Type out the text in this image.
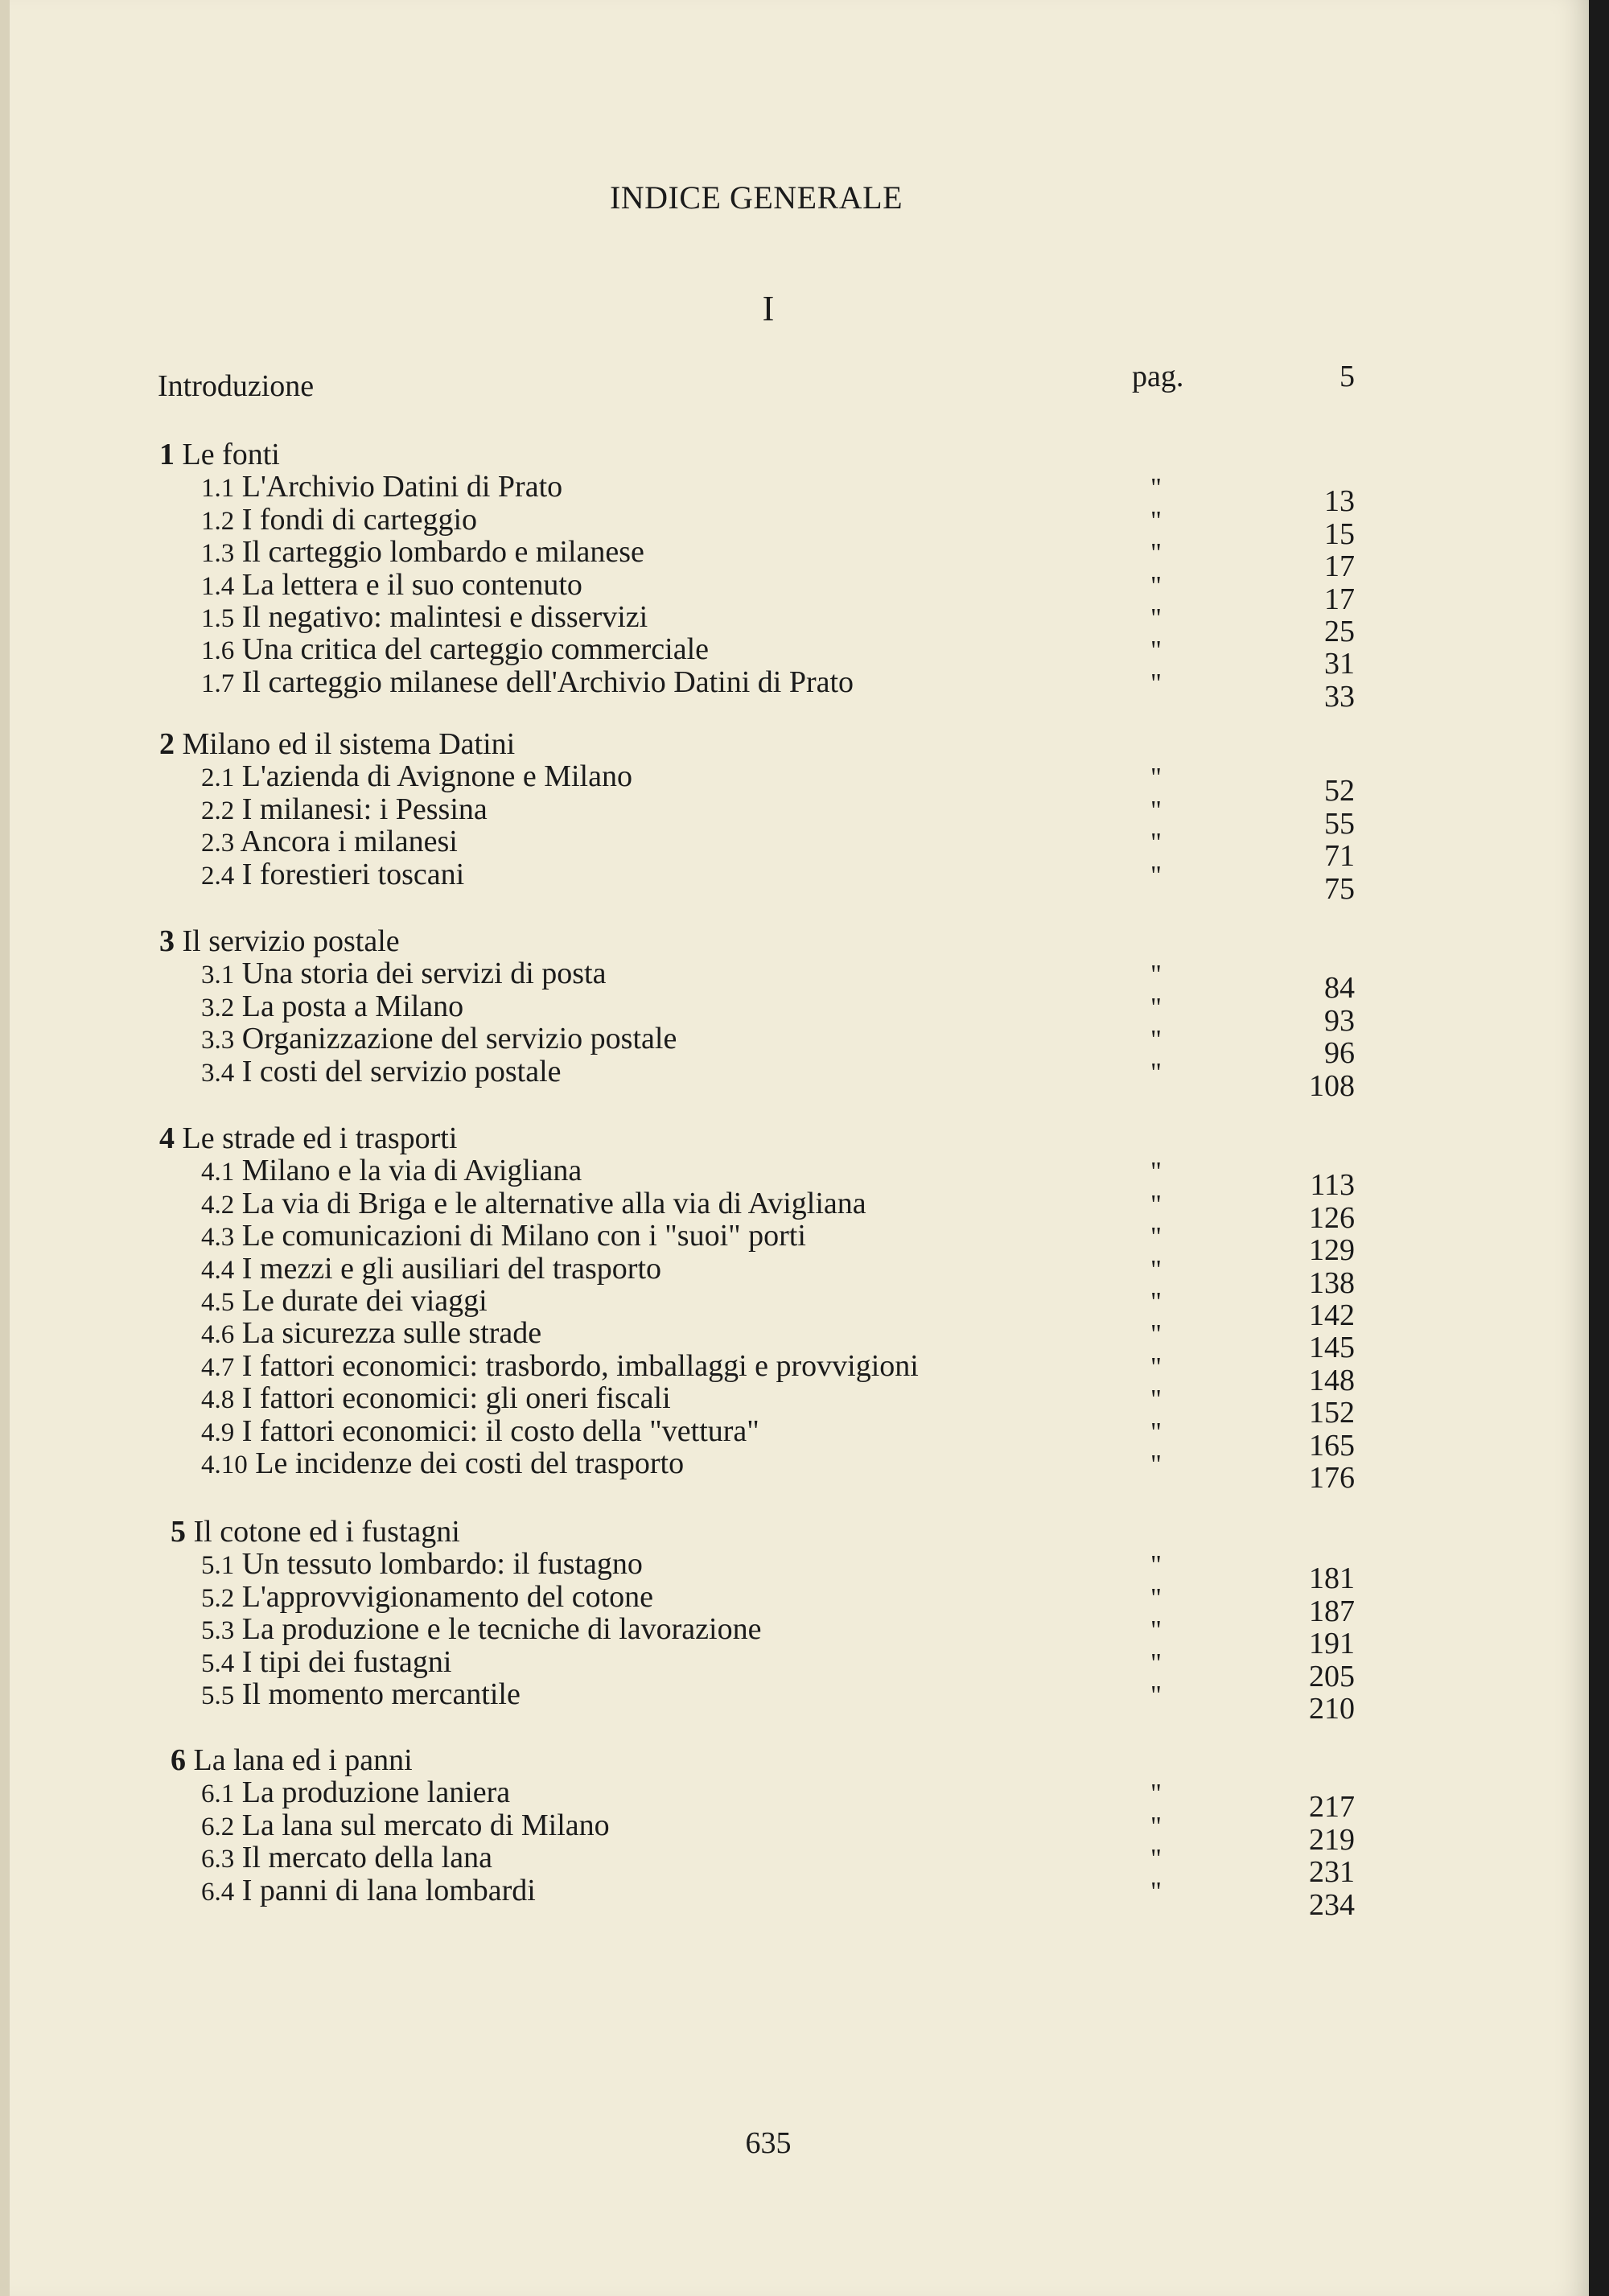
INDICE GENERALE
I
Introduzione	pag.	5
1 Le fonti
1.1 L'Archivio Datini di Prato	"	13
1.2 I fondi di carteggio	"	15
1.3 Il carteggio lombardo e milanese	"	17
1.4 La lettera e il suo contenuto	"	17
1.5 Il negativo: malintesi e disservizi	"	25
1.6 Una critica del carteggio commerciale	"	31
1.7 Il carteggio milanese dell'Archivio Datini di Prato	"	33
2 Milano ed il sistema Datini
2.1 L'azienda di Avignone e Milano	"	52
2.2 I milanesi: i Pessina	"	55
2.3 Ancora i milanesi	"	71
2.4 I forestieri toscani	"	75
3 Il servizio postale
3.1 Una storia dei servizi di posta	"	84
3.2 La posta a Milano	"	93
3.3 Organizzazione del servizio postale	"	96
3.4 I costi del servizio postale	"	108
4 Le strade ed i trasporti
4.1 Milano e la via di Avigliana	"	113
4.2 La via di Briga e le alternative alla via di Avigliana	"	126
4.3 Le comunicazioni di Milano con i "suoi" porti	"	129
4.4 I mezzi e gli ausiliari del trasporto	"	138
4.5 Le durate dei viaggi	"	142
4.6 La sicurezza sulle strade	"	145
4.7 I fattori economici: trasbordo, imballaggi e provvigioni	"	148
4.8 I fattori economici: gli oneri fiscali	"	152
4.9 I fattori economici: il costo della "vettura"	"	165
4.10 Le incidenze dei costi del trasporto	"	176
5 Il cotone ed i fustagni
5.1 Un tessuto lombardo: il fustagno	"	181
5.2 L'approvvigionamento del cotone	"	187
5.3 La produzione e le tecniche di lavorazione	"	191
5.4 I tipi dei fustagni	"	205
5.5 Il momento mercantile	"	210
6 La lana ed i panni
6.1 La produzione laniera	"	217
6.2 La lana sul mercato di Milano	"	219
6.3 Il mercato della lana	"	231
6.4 I panni di lana lombardi	"	234
635
